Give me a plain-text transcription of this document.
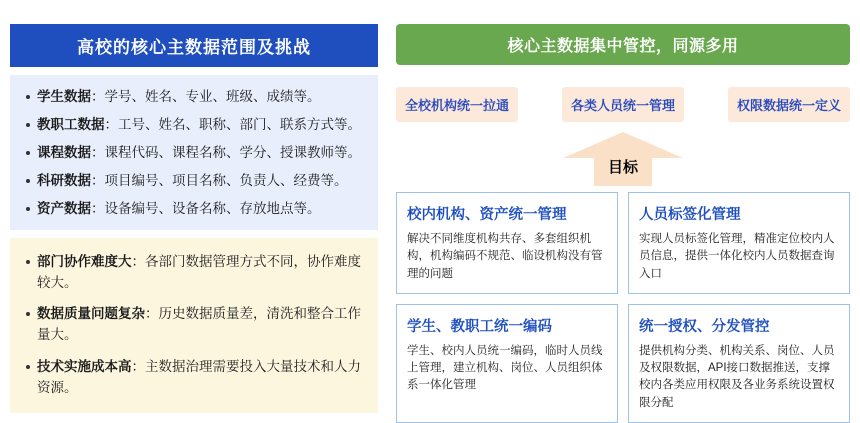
高校的核心主数据范围及挑战
学生数据：学号、姓名、专业、班级、成绩等。
教职工数据：工号、姓名、职称、部门、联系方式等。
课程数据：课程代码、课程名称、学分、授课教师等。
科研数据：项目编号、项目名称、负责人、经费等。
资产数据：设备编号、设备名称、存放地点等。
部门协作难度大：各部门数据管理方式不同，协作难度较大。
数据质量问题复杂：历史数据质量差，清洗和整合工作量大。
技术实施成本高：主数据治理需要投入大量技术和人力资源。
核心主数据集中管控，同源多用
全校机构统一拉通	各类人员统一管理	权限数据统一定义
目标
校内机构、资产统一管理
解决不同维度机构共存、多套组织机构，机构编码不规范、临设机构没有管理的问题
人员标签化管理
实现人员标签化管理，精准定位校内人员信息，提供一体化校内人员数据查询入口
学生、教职工统一编码
学生、校内人员统一编码，临时人员线上管理，建立机构、岗位、人员组织体系一体化管理
统一授权、分发管控
提供机构分类、机构关系、岗位、人员及权限数据，API接口数据推送，支撑校内各类应用权限及各业务系统设置权限分配
